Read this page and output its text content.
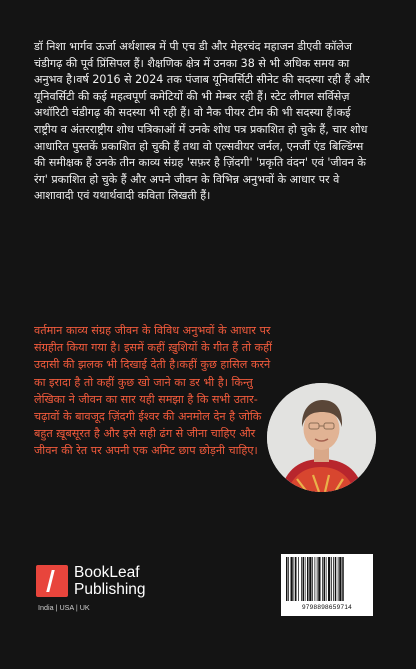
डॉ निशा भार्गव ऊर्जा अर्थशास्त्र में पी एच डी और मेहरचंद महाजन डीएवी कॉलेज चंडीगढ़ की पूर्व प्रिंसिपल हैं। शैक्षणिक क्षेत्र में उनका 38 से भी अधिक समय का अनुभव है।वर्ष 2016 से 2024 तक पंजाब यूनिवर्सिटी सीनेट की सदस्या रही हैं और यूनिवर्सिटी की कई महत्वपूर्ण कमेटियों की भी मेम्बर रही हैं। स्टेट लीगल सर्विसेज़ अथॉरिटी चंडीगढ़ की सदस्या भी रही हैं। वो नैक पीयर टीम की भी सदस्या हैं।कई राष्ट्रीय व अंतरराष्ट्रीय शोध पत्रिकाओं में उनके शोध पत्र प्रकाशित हो चुके हैं, चार शोध आधारित पुस्तकें प्रकाशित हो चुकी हैं तथा वो एल्सवीयर जर्नल, एनर्जी एंड बिल्डिंग्स की समीक्षक हैं उनके तीन काव्य संग्रह 'सफ़र है ज़िंदगी' 'प्रकृति वंदन' एवं 'जीवन के रंग' प्रकाशित हो चुके हैं और अपने जीवन के विभिन्न अनुभवों के आधार पर वे आशावादी एवं यथार्थवादी कविता लिखती हैं।

वर्तमान काव्य संग्रह जीवन के विविध अनुभवों के आधार पर संग्रहीत किया गया है। इसमें कहीं ख़ुशियों के गीत हैं तो कहीं उदासी की झलक भी दिखाई देती है।कहीं कुछ हासिल करने का इरादा है तो कहीं कुछ खो जाने का डर भी है। किन्तु लेखिका ने जीवन का सार यही समझा है कि सभी उतार-चढ़ावों के बावजूद ज़िंदगी ईश्वर की अनमोल देन है जोकि बहुत ख़ूबसूरत है और इसे सही ढंग से जीना चाहिए और जीवन की रेत पर अपनी एक अमिट छाप छोड़नी चाहिए।

BookLeaf
Publishing
India | USA | UK	9798898659714
